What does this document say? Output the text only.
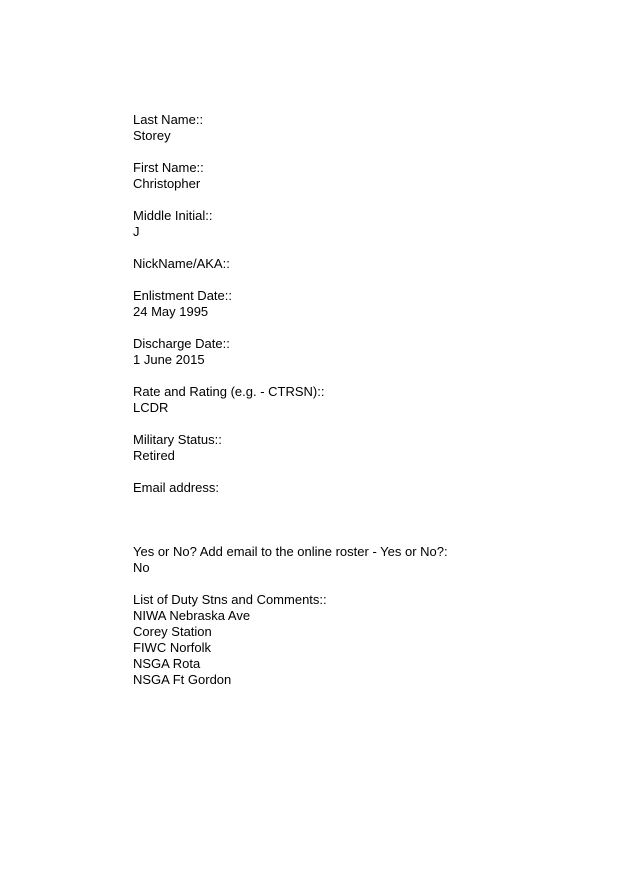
Last Name::
Storey
First Name::
Christopher
Middle Initial::
J
NickName/AKA::
Enlistment Date::
24 May 1995
Discharge Date::
1 June 2015
Rate and Rating (e.g. - CTRSN)::
LCDR
Military Status::
Retired
Email address:
Yes or No? Add email to the online roster - Yes or No?:
No
List of Duty Stns and Comments::
NIWA Nebraska Ave
Corey Station
FIWC Norfolk
NSGA Rota
NSGA Ft Gordon
